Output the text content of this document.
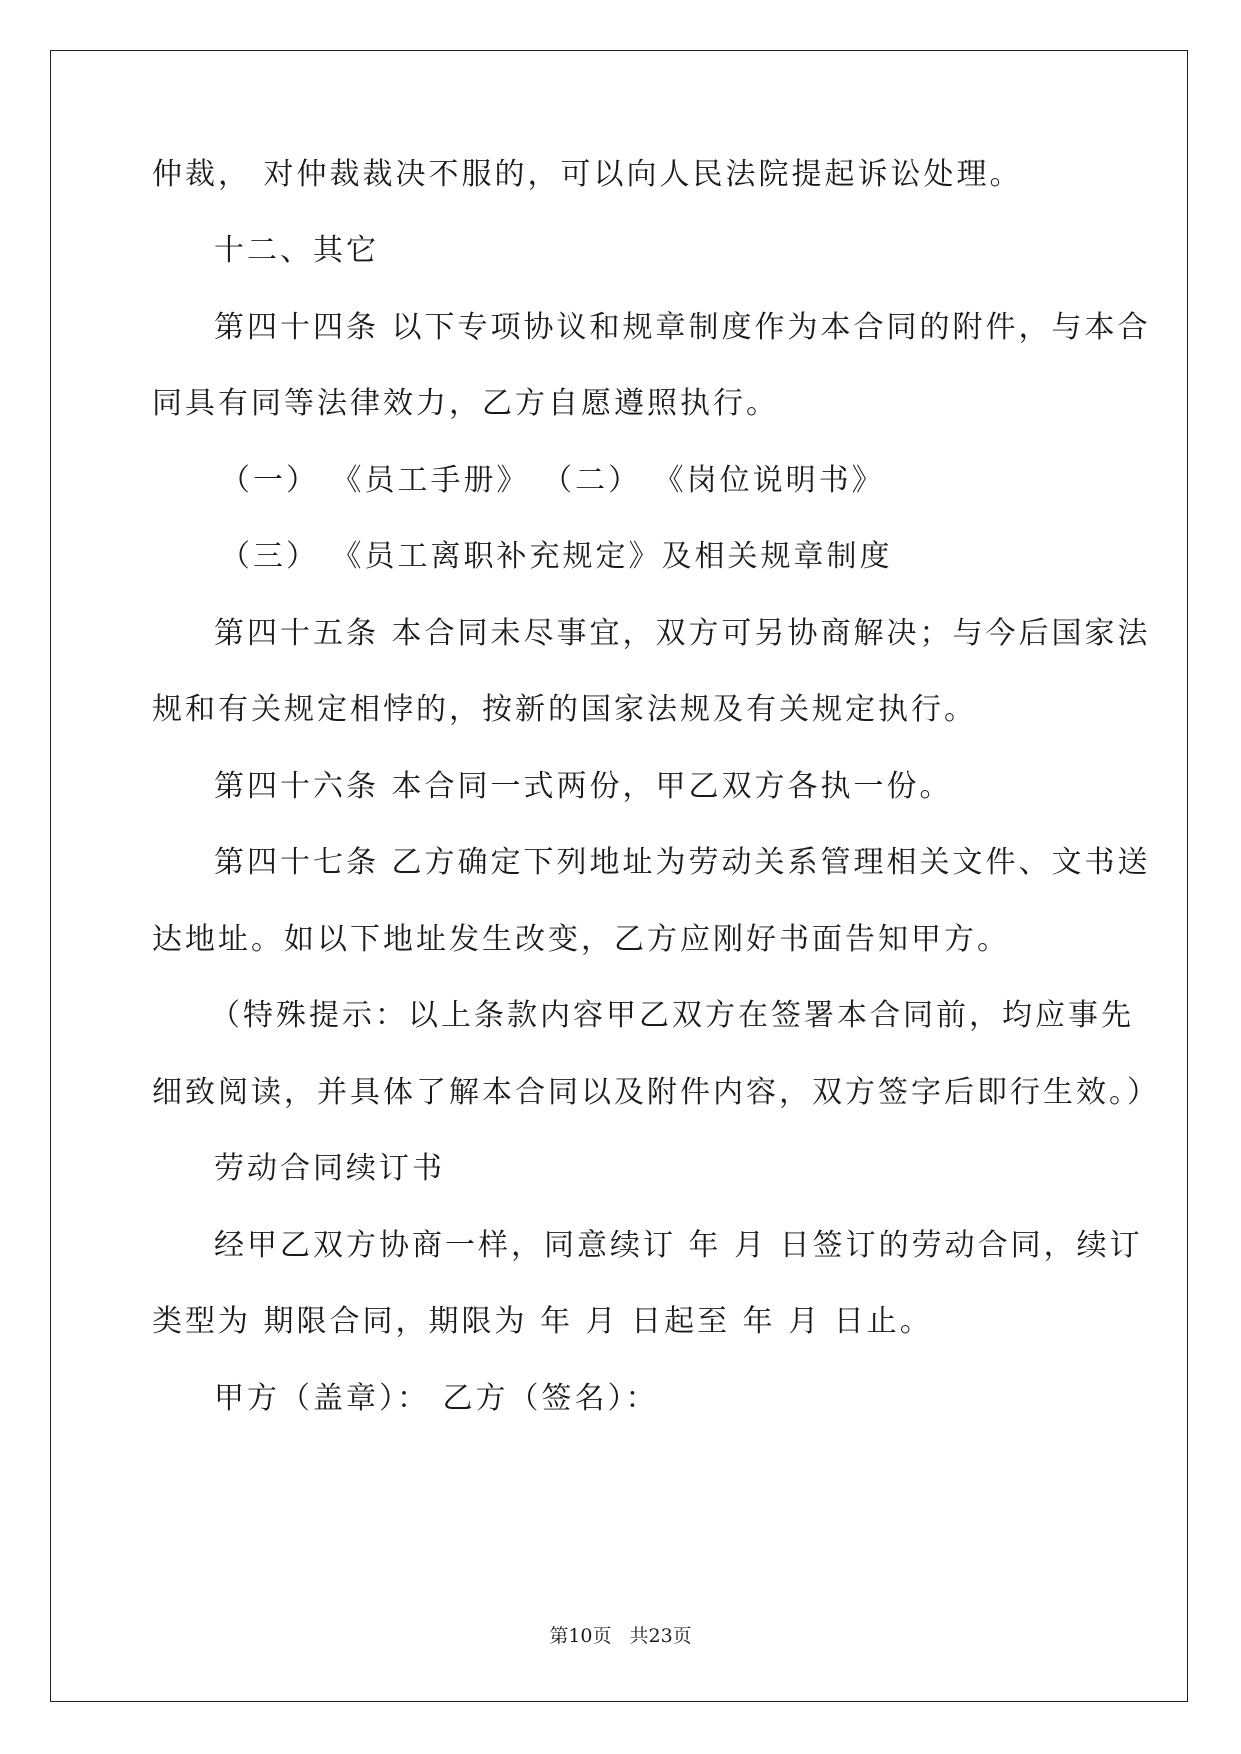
仲裁， 对仲裁裁决不服的，可以向人民法院提起诉讼处理。
十二、其它
第四十四条 以下专项协议和规章制度作为本合同的附件，与本合
同具有同等法律效力，乙方自愿遵照执行。
（一） 《员工手册》 （二） 《岗位说明书》
（三） 《员工离职补充规定》及相关规章制度
第四十五条 本合同未尽事宜，双方可另协商解决；与今后国家法
规和有关规定相悖的，按新的国家法规及有关规定执行。
第四十六条 本合同一式两份，甲乙双方各执一份。
第四十七条 乙方确定下列地址为劳动关系管理相关文件、文书送
达地址。如以下地址发生改变，乙方应刚好书面告知甲方。
（特殊提示：以上条款内容甲乙双方在签署本合同前，均应事先
细致阅读，并具体了解本合同以及附件内容，双方签字后即行生效。）
劳动合同续订书
经甲乙双方协商一样，同意续订 年 月 日签订的劳动合同，续订
类型为 期限合同，期限为 年 月 日起至 年 月 日止。
甲方（盖章）： 乙方（签名）：
第10页 共23页
